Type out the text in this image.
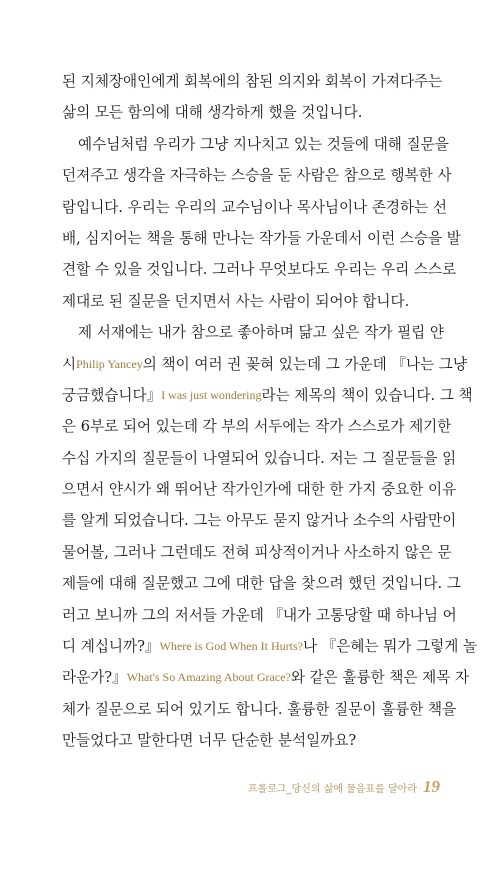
된 지체장애인에게 회복에의 참된 의지와 회복이 가져다주는
삶의 모든 함의에 대해 생각하게 했을 것입니다.
예수님처럼 우리가 그냥 지나치고 있는 것들에 대해 질문을
던져주고 생각을 자극하는 스승을 둔 사람은 참으로 행복한 사
람입니다. 우리는 우리의 교수님이나 목사님이나 존경하는 선
배, 심지어는 책을 통해 만나는 작가들 가운데서 이런 스승을 발
견할 수 있을 것입니다. 그러나 무엇보다도 우리는 우리 스스로
제대로 된 질문을 던지면서 사는 사람이 되어야 합니다.
제 서재에는 내가 참으로 좋아하며 닮고 싶은 작가 필립 얀
시 Philip Yancey 의 책이 여러 권 꽂혀 있는데 그 가운데 『나는 그냥
궁금했습니다』 I was just wondering 라는 제목의 책이 있습니다. 그 책
은 6부로 되어 있는데 각 부의 서두에는 작가 스스로가 제기한
수십 가지의 질문들이 나열되어 있습니다. 저는 그 질문들을 읽
으면서 얀시가 왜 뛰어난 작가인가에 대한 한 가지 중요한 이유
를 알게 되었습니다. 그는 아무도 묻지 않거나 소수의 사람만이
물어볼, 그러나 그런데도 전혀 피상적이거나 사소하지 않은 문
제들에 대해 질문했고 그에 대한 답을 찾으려 했던 것입니다. 그
러고 보니까 그의 저서들 가운데 『내가 고통당할 때 하나님 어
디 계십니까?』 Where is God When It Hurts? 나 『은혜는 뭐가 그렇게 놀
라운가?』 What's So Amazing About Grace? 와 같은 훌륭한 책은 제목 자
체가 질문으로 되어 있기도 합니다. 훌륭한 질문이 훌륭한 책을
만들었다고 말한다면 너무 단순한 분석일까요?
프롤로그_당신의 삶에 물음표를 달아라 19
